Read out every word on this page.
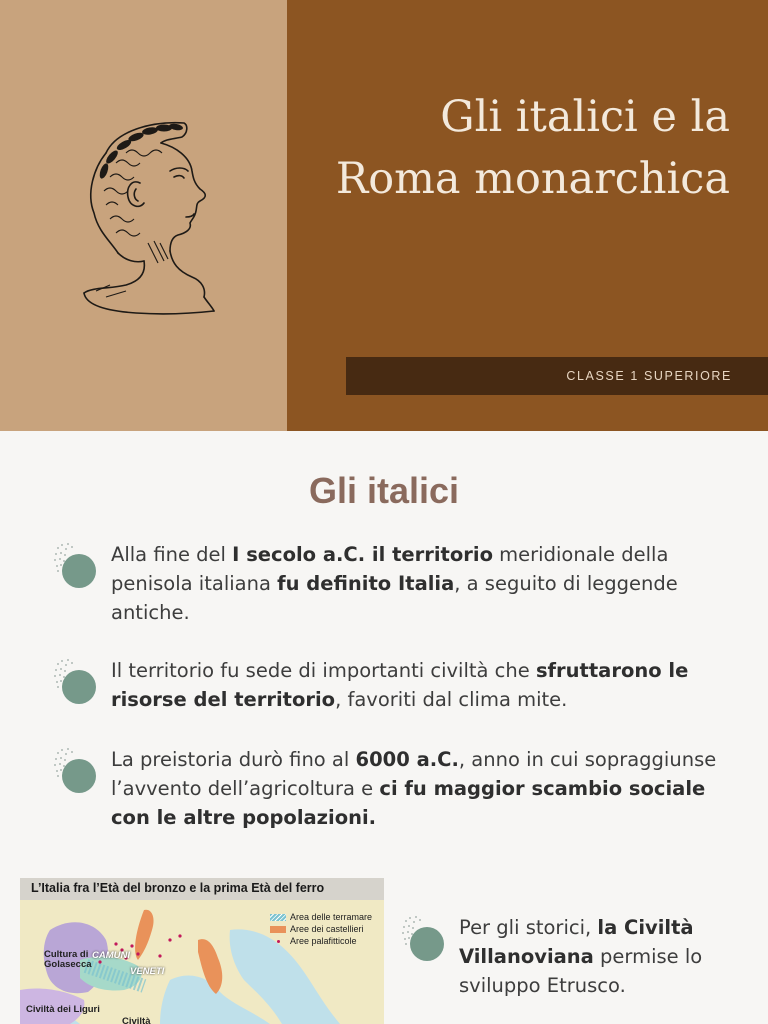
Gli italici e la
Roma monarchica
CLASSE 1 SUPERIORE
Gli italici
Alla fine del I secolo a.C. il territorio meridionale della penisola italiana fu definito Italia, a seguito di leggende antiche.
Il territorio fu sede di importanti civiltà che sfruttarono le risorse del territorio, favoriti dal clima mite.
La preistoria durò fino al 6000 a.C., anno in cui sopraggiunse l’avvento dell’agricoltura e ci fu maggior scambio sociale con le altre popolazioni.
Per gli storici, la Civiltà Villanoviana permise lo sviluppo Etrusco.
L’Italia fra l’Età del bronzo e la prima Età del ferro
Area delle terramare
Aree dei castellieri
Aree palafitticole
Cultura di Golasecca
CAMUNI
VENETI
Civiltà dei Liguri
Civiltà
